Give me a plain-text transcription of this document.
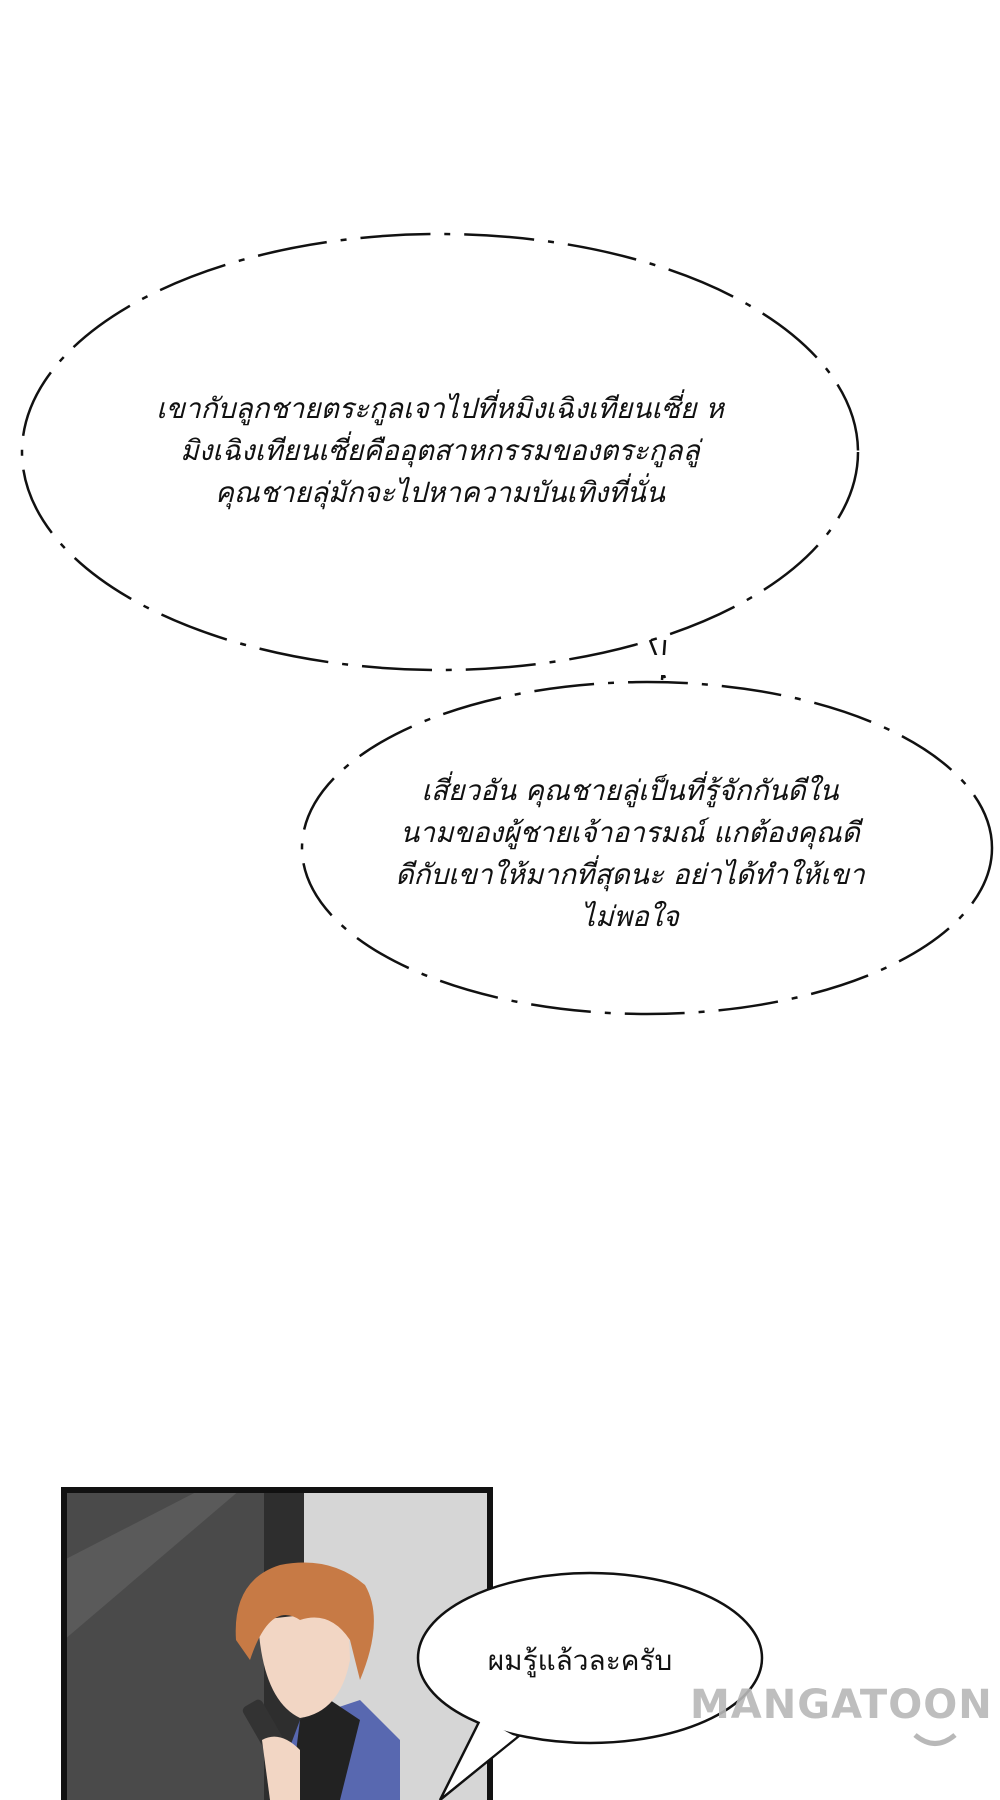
เขากับลูกชายตระกูลเจาไปที่หมิงเฉิงเทียนเซี่ย ห
มิงเฉิงเทียนเซี่ยคืออุตสาหกรรมของตระกูลลู่
คุณชายลุ่มักจะไปหาความบันเทิงที่นั่น
เสี่ยวอัน คุณชายลู่เป็นที่รู้จักกันดีใน
นามของผู้ชายเจ้าอารมณ์ แกต้องคุณดี
ดีกับเขาให้มากที่สุดนะ อย่าได้ทำให้เขา
ไม่พอใจ
ผมรู้แล้วละครับ
MANGATOON
